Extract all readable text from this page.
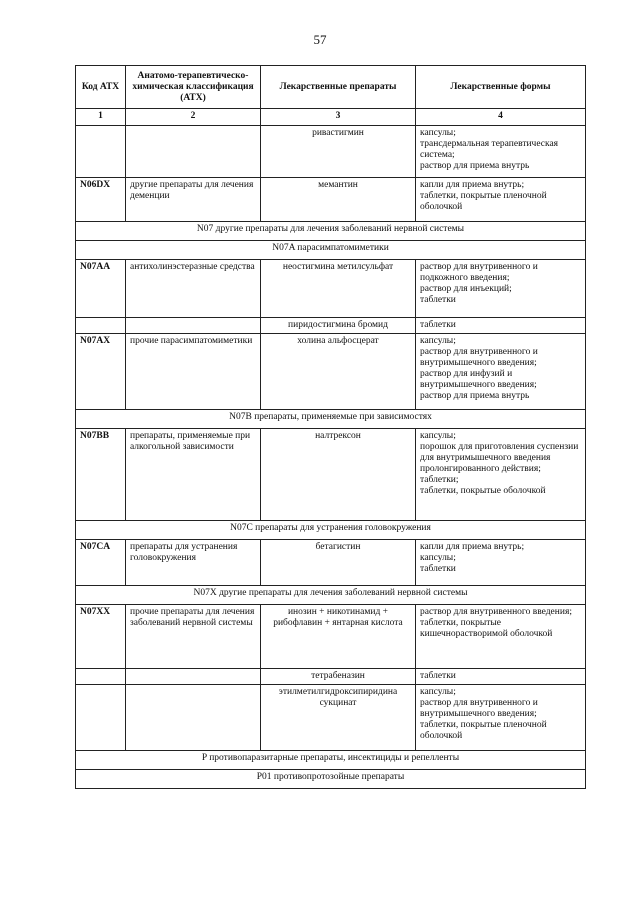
57
Код АТХ	Анатомо-терапевтическо-химическая классификация (АТХ)	Лекарственные препараты	Лекарственные формы
1	2	3	4
		ривастигмин	капсулы;
трансдермальная терапевтическая система;
раствор для приема внутрь
N06DX	другие препараты для лечения деменции	мемантин	капли для приема внутрь;
таблетки, покрытые пленочной оболочкой
N07 другие препараты для лечения заболеваний нервной системы			
N07A парасимпатомиметики			
N07AA	антихолинэстеразные средства	неостигмина метилсульфат	раствор для внутривенного и подкожного введения;
раствор для инъекций;
таблетки
		пиридостигмина бромид	таблетки
N07AX	прочие парасимпатомиметики	холина альфосцерат	капсулы;
раствор для внутривенного и внутримышечного введения;
раствор для инфузий и внутримышечного введения;
раствор для приема внутрь
N07B препараты, применяемые при зависимостях			
N07BB	препараты, применяемые при алкогольной зависимости	налтрексон	капсулы;
порошок для приготовления суспензии для внутримышечного введения пролонгированного действия;
таблетки;
таблетки, покрытые оболочкой
N07C препараты для устранения головокружения			
N07CA	препараты для устранения головокружения	бетагистин	капли для приема внутрь;
капсулы;
таблетки
N07X другие препараты для лечения заболеваний нервной системы			
N07XX	прочие препараты для лечения заболеваний нервной системы	инозин + никотинамид + рибофлавин + янтарная кислота	раствор для внутривенного введения;
таблетки, покрытые кишечнорастворимой оболочкой
		тетрабеназин	таблетки
		этилметилгидроксипиридина сукцинат	капсулы;
раствор для внутривенного и внутримышечного введения;
таблетки, покрытые пленочной оболочкой
P противопаразитарные препараты, инсектициды и репелленты			
P01 противопротозойные препараты			
